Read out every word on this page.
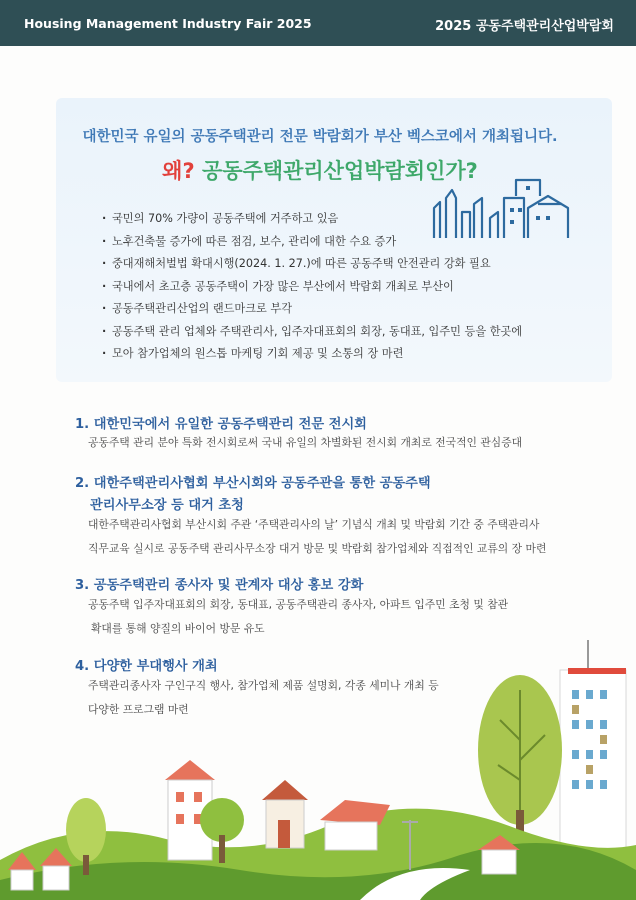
Housing Management Industry Fair 2025	2025 공동주택관리산업박람회
대한민국 유일의 공동주택관리 전문 박람회가 부산 벡스코에서 개최됩니다.
왜? 공동주택관리산업박람회인가?
. 국민의 70% 가량이 공동주택에 거주하고 있음
. 노후건축물 증가에 따른 점검, 보수, 관리에 대한 수요 증가
. 중대재해처벌법 확대시행(2024. 1. 27.)에 따른 공동주택 안전관리 강화 필요
. 국내에서 초고층 공동주택이 가장 많은 부산에서 박람회 개최로 부산이
. 공동주택관리산업의 랜드마크로 부각
. 공동주택 관리 업체와 주택관리사, 입주자대표회의 회장, 동대표, 입주민 등을 한곳에
. 모아 참가업체의 원스톱 마케팅 기회 제공 및 소통의 장 마련
1. 대한민국에서 유일한 공동주택관리 전문 전시회
공동주택 관리 분야 특화 전시회로써 국내 유일의 차별화된 전시회 개최로 전국적인 관심증대
2. 대한주택관리사협회 부산시회와 공동주관을 통한 공동주택
관리사무소장 등 대거 초청
대한주택관리사협회 부산시회 주관 ‘주택관리사의 날’ 기념식 개최 및 박람회 기간 중 주택관리사
직무교육 실시로 공동주택 관리사무소장 대거 방문 및 박람회 참가업체와 직접적인 교류의 장 마련
3. 공동주택관리 종사자 및 관계자 대상 홍보 강화
공동주택 입주자대표회의 회장, 동대표, 공동주택관리 종사자, 아파트 입주민 초청 및 참관
확대를 통해 양질의 바이어 방문 유도
4. 다양한 부대행사 개최
주택관리종사자 구인구직 행사, 참가업체 제품 설명회, 각종 세미나 개최 등
다양한 프로그램 마련
